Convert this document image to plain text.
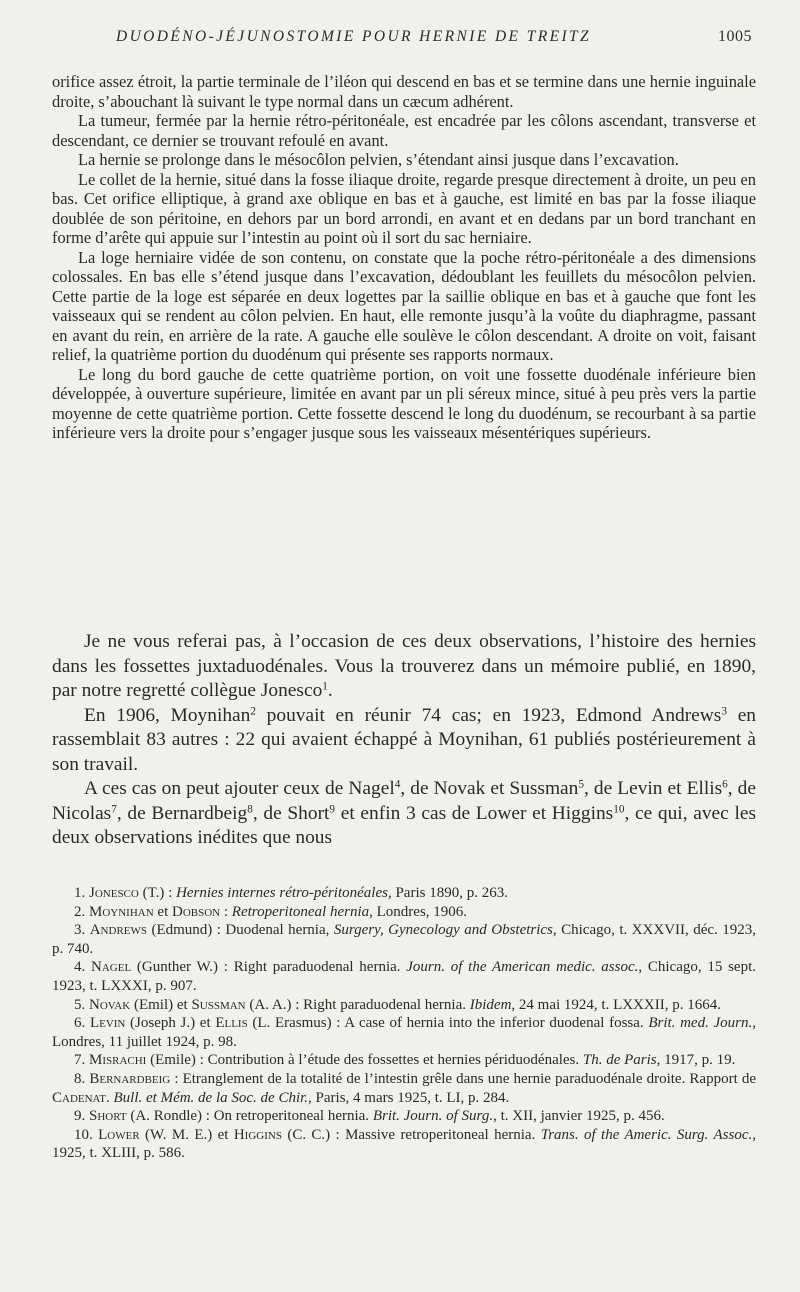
DUODÉNO-JÉJUNOSTOMIE POUR HERNIE DE TREITZ	1005

orifice assez étroit, la partie terminale de l’iléon qui descend en bas et se termine dans une hernie inguinale droite, s’abouchant là suivant le type normal dans un cæcum adhérent.

La tumeur, fermée par la hernie rétro-péritonéale, est encadrée par les côlons ascendant, transverse et descendant, ce dernier se trouvant refoulé en avant.

La hernie se prolonge dans le mésocôlon pelvien, s’étendant ainsi jusque dans l’excavation.

Le collet de la hernie, situé dans la fosse iliaque droite, regarde presque directement à droite, un peu en bas. Cet orifice elliptique, à grand axe oblique en bas et à gauche, est limité en bas par la fosse iliaque doublée de son péritoine, en dehors par un bord arrondi, en avant et en dedans par un bord tranchant en forme d’arête qui appuie sur l’intestin au point où il sort du sac herniaire.

La loge herniaire vidée de son contenu, on constate que la poche rétro-péritonéale a des dimensions colossales. En bas elle s’étend jusque dans l’excavation, dédoublant les feuillets du mésocôlon pelvien. Cette partie de la loge est séparée en deux logettes par la saillie oblique en bas et à gauche que font les vaisseaux qui se rendent au côlon pelvien. En haut, elle remonte jusqu’à la voûte du diaphragme, passant en avant du rein, en arrière de la rate. A gauche elle soulève le côlon descendant. A droite on voit, faisant relief, la quatrième portion du duodénum qui présente ses rapports normaux.

Le long du bord gauche de cette quatrième portion, on voit une fossette duodénale inférieure bien développée, à ouverture supérieure, limitée en avant par un pli séreux mince, situé à peu près vers la partie moyenne de cette quatrième portion. Cette fossette descend le long du duodénum, se recourbant à sa partie inférieure vers la droite pour s’engager jusque sous les vaisseaux mésentériques supérieurs.

Je ne vous referai pas, à l’occasion de ces deux observations, l’histoire des hernies dans les fossettes juxtaduodénales. Vous la trouverez dans un mémoire publié, en 1890, par notre regretté collègue Jonesco$^1$.

En 1906, Moynihan$^2$ pouvait en réunir 74 cas; en 1923, Edmond Andrews$^3$ en rassemblait 83 autres : 22 qui avaient échappé à Moynihan, 61 publiés postérieurement à son travail.

A ces cas on peut ajouter ceux de Nagel$^4$, de Novak et Sussman$^5$, de Levin et Ellis$^6$, de Nicolas$^7$, de Bernardbeig$^8$, de Short$^9$ et enfin 3 cas de Lower et Higgins$^{10}$, ce qui, avec les deux observations inédites que nous

1. Jonesco (T.) : Hernies internes rétro-péritonéales, Paris 1890, p. 263.

2. Moynihan et Dobson : Retroperitoneal hernia, Londres, 1906.

3. Andrews (Edmund) : Duodenal hernia, Surgery, Gynecology and Obstetrics, Chicago, t. XXXVII, déc. 1923, p. 740.

4. Nagel (Gunther W.) : Right paraduodenal hernia. Journ. of the American medic. assoc., Chicago, 15 sept. 1923, t. LXXXI, p. 907.

5. Novak (Emil) et Sussman (A. A.) : Right paraduodenal hernia. Ibidem, 24 mai 1924, t. LXXXII, p. 1664.

6. Levin (Joseph J.) et Ellis (L. Erasmus) : A case of hernia into the inferior duodenal fossa. Brit. med. Journ., Londres, 11 juillet 1924, p. 98.

7. Misrachi (Emile) : Contribution à l’étude des fossettes et hernies périduodénales. Th. de Paris, 1917, p. 19.

8. Bernardbeig : Etranglement de la totalité de l’intestin grêle dans une hernie paraduodénale droite. Rapport de Cadenat. Bull. et Mém. de la Soc. de Chir., Paris, 4 mars 1925, t. LI, p. 284.

9. Short (A. Rondle) : On retroperitoneal hernia. Brit. Journ. of Surg., t. XII, janvier 1925, p. 456.

10. Lower (W. M. E.) et Higgins (C. C.) : Massive retroperitoneal hernia. Trans. of the Americ. Surg. Assoc., 1925, t. XLIII, p. 586.
